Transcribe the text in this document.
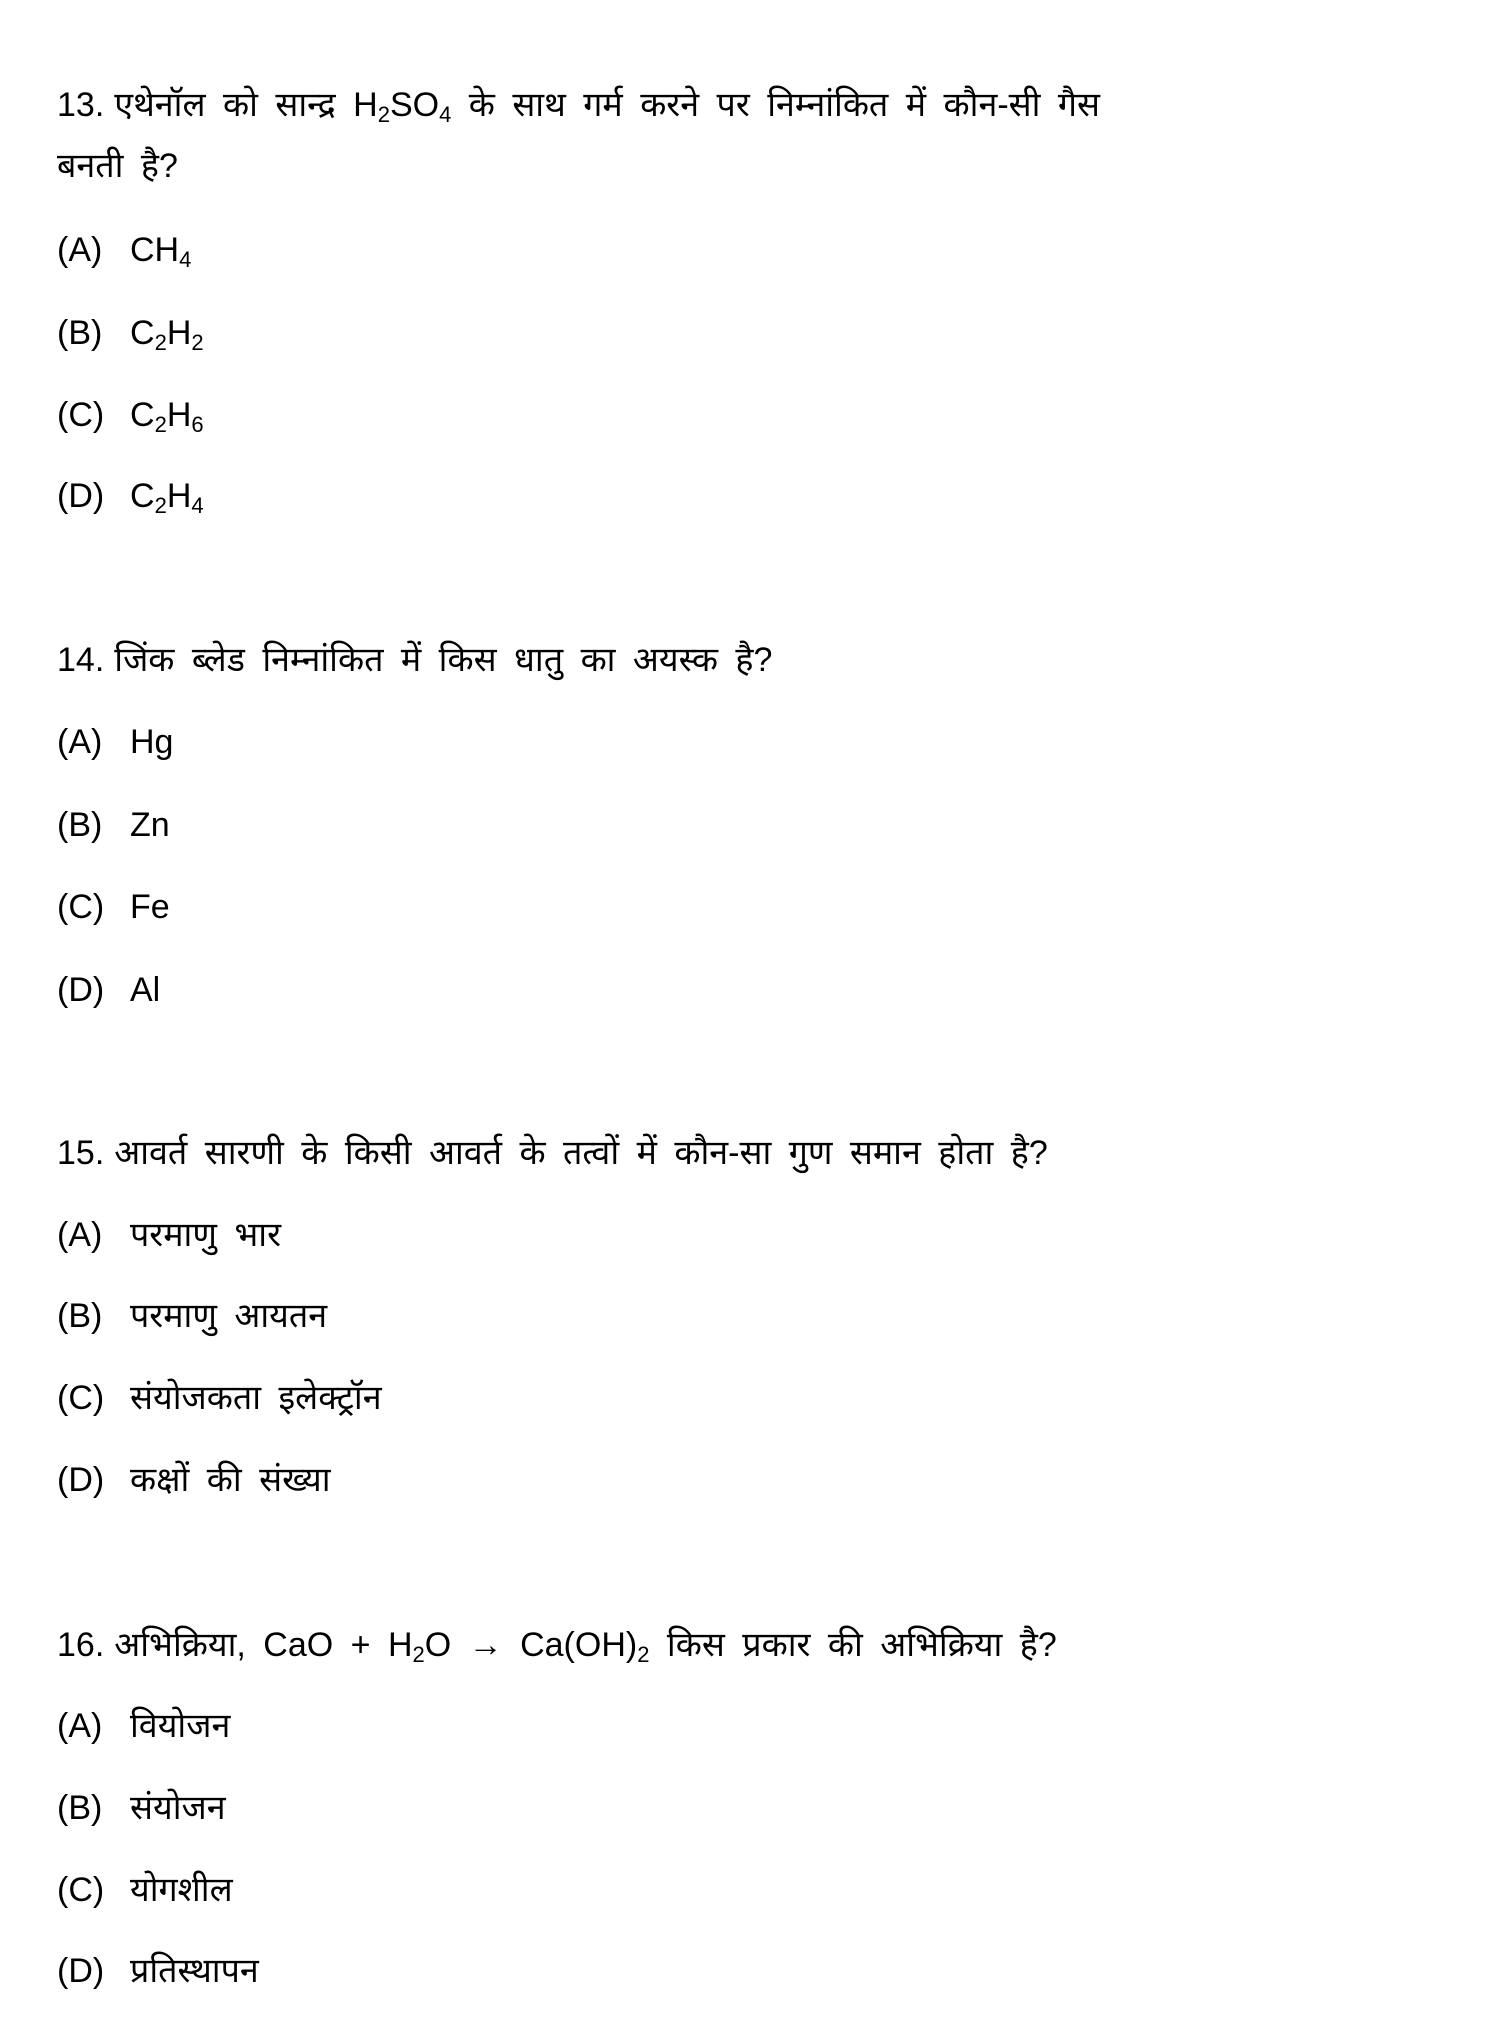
13. एथेनॉल को सान्द्र $H_2SO_4$ के साथ गर्म करने पर निम्नांकित में कौन-सी गैस
बनती है?
(A) $CH_4$
(B) $C_2H_2$
(C) $C_2H_6$
(D) $C_2H_4$
14. जिंक ब्लेड निम्नांकित में किस धातु का अयस्क है?
(A) Hg
(B) Zn
(C) Fe
(D) Al
15. आवर्त सारणी के किसी आवर्त के तत्वों में कौन-सा गुण समान होता है?
(A) परमाणु भार
(B) परमाणु आयतन
(C) संयोजकता इलेक्ट्रॉन
(D) कक्षों की संख्या
16. अभिक्रिया, CaO + $H_2O \to Ca(OH)_2$ किस प्रकार की अभिक्रिया है?
(A) वियोजन
(B) संयोजन
(C) योगशील
(D) प्रतिस्थापन
